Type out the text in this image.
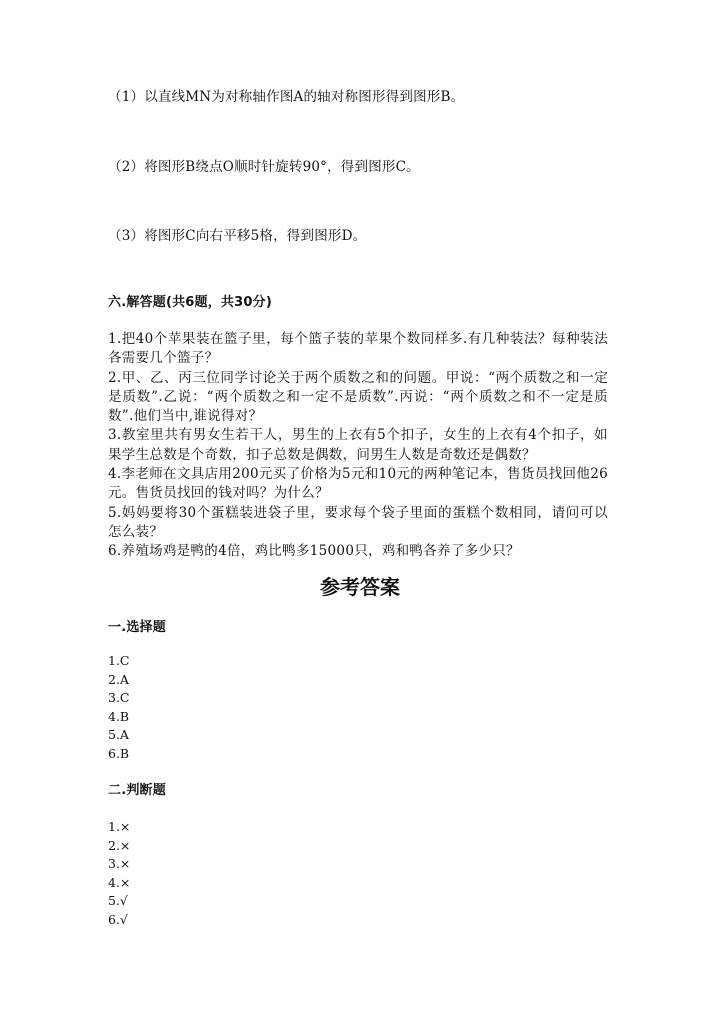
（1）以直线MN为对称轴作图A的轴对称图形得到图形B。
（2）将图形B绕点O顺时针旋转90°，得到图形C。
（3）将图形C向右平移5格，得到图形D。
六.解答题(共6题，共30分)

1.把40个苹果装在篮子里，每个篮子装的苹果个数同样多.有几种装法？每种装法各需要几个篮子？

2.甲、乙、丙三位同学讨论关于两个质数之和的问题。甲说：“两个质数之和一定是质数”.乙说：“两个质数之和一定不是质数”.丙说：“两个质数之和不一定是质数”.他们当中,谁说得对？

3.教室里共有男女生若干人，男生的上衣有5个扣子，女生的上衣有4个扣子，如果学生总数是个奇数，扣子总数是偶数，问男生人数是奇数还是偶数？

4.李老师在文具店用200元买了价格为5元和10元的两种笔记本，售货员找回他26元。售货员找回的钱对吗？为什么？

5.妈妈要将30个蛋糕装进袋子里，要求每个袋子里面的蛋糕个数相同，请问可以怎么装？

6.养殖场鸡是鸭的4倍，鸡比鸭多15000只，鸡和鸭各养了多少只？

参考答案
一.选择题
1.C
2.A
3.C
4.B
5.A
6.B
二.判断题
1.×
2.×
3.×
4.×
5.√
6.√
